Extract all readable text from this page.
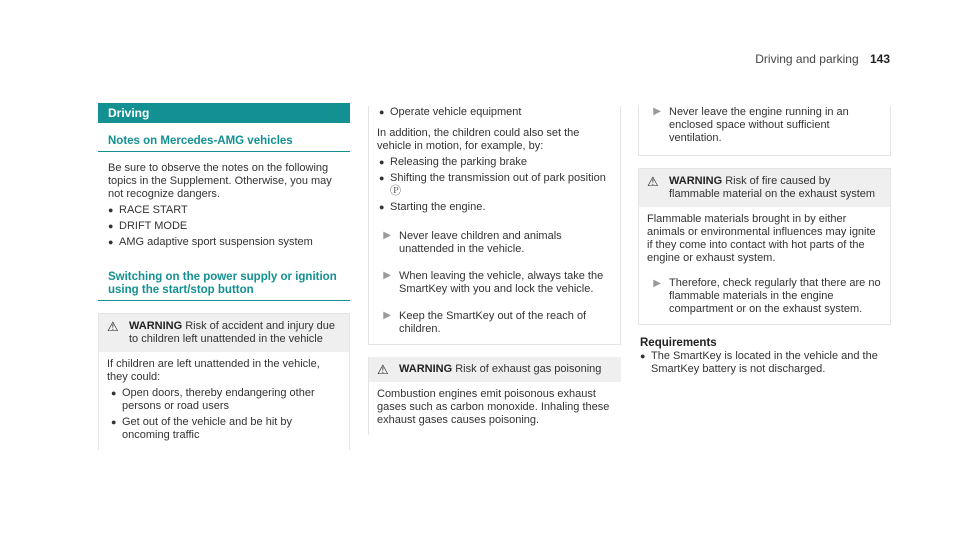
Driving and parking 143
Driving
Notes on Mercedes-AMG vehicles
Be sure to observe the notes on the following topics in the Supplement. Otherwise, you may not recognize dangers.
● RACE START
● DRIFT MODE
● AMG adaptive sport suspension system
Switching on the power supply or ignition using the start/stop button
⚠ WARNING Risk of accident and injury due to children left unattended in the vehicle
If children are left unattended in the vehicle, they could:
● Open doors, thereby endangering other persons or road users
● Get out of the vehicle and be hit by oncoming traffic
● Operate vehicle equipment
In addition, the children could also set the vehicle in motion, for example, by:
● Releasing the parking brake
● Shifting the transmission out of park position Ⓟ
● Starting the engine.
▶ Never leave children and animals unattended in the vehicle.
▶ When leaving the vehicle, always take the SmartKey with you and lock the vehicle.
▶ Keep the SmartKey out of the reach of children.
⚠ WARNING Risk of exhaust gas poisoning
Combustion engines emit poisonous exhaust gases such as carbon monoxide. Inhaling these exhaust gases causes poisoning.
▶ Never leave the engine running in an enclosed space without sufficient ventilation.
⚠ WARNING Risk of fire caused by flammable material on the exhaust system
Flammable materials brought in by either animals or environmental influences may ignite if they come into contact with hot parts of the engine or exhaust system.
▶ Therefore, check regularly that there are no flammable materials in the engine compartment or on the exhaust system.
Requirements
● The SmartKey is located in the vehicle and the SmartKey battery is not discharged.
